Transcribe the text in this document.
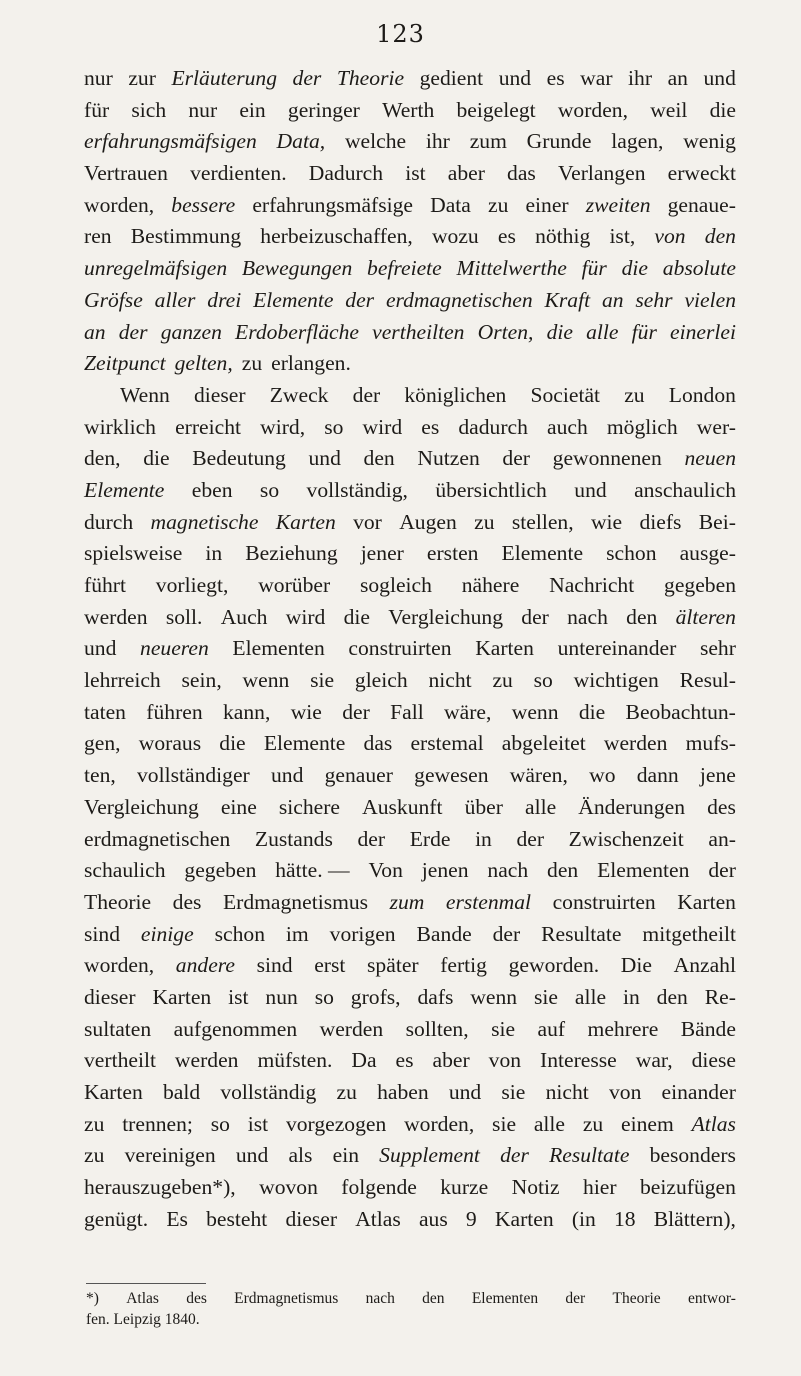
123
nur zur Erläuterung der Theorie gedient und es war ihr an und
für sich nur ein geringer Werth beigelegt worden, weil die
erfahrungsmäfsigen Data, welche ihr zum Grunde lagen, wenig
Vertrauen verdienten. Dadurch ist aber das Verlangen erweckt
worden, bessere erfahrungsmäfsige Data zu einer zweiten genaue-
ren Bestimmung herbeizuschaffen, wozu es nöthig ist, von den
unregelmäfsigen Bewegungen befreiete Mittelwerthe für die absolute
Gröfse aller drei Elemente der erdmagnetischen Kraft an sehr vielen
an der ganzen Erdoberfläche vertheilten Orten, die alle für einerlei
Zeitpunct gelten, zu erlangen.
Wenn dieser Zweck der königlichen Societät zu London
wirklich erreicht wird, so wird es dadurch auch möglich wer-
den, die Bedeutung und den Nutzen der gewonnenen neuen
Elemente eben so vollständig, übersichtlich und anschaulich
durch magnetische Karten vor Augen zu stellen, wie diefs Bei-
spielsweise in Beziehung jener ersten Elemente schon ausge-
führt vorliegt, worüber sogleich nähere Nachricht gegeben
werden soll. Auch wird die Vergleichung der nach den älteren
und neueren Elementen construirten Karten untereinander sehr
lehrreich sein, wenn sie gleich nicht zu so wichtigen Resul-
taten führen kann, wie der Fall wäre, wenn die Beobachtun-
gen, woraus die Elemente das erstemal abgeleitet werden mufs-
ten, vollständiger und genauer gewesen wären, wo dann jene
Vergleichung eine sichere Auskunft über alle Änderungen des
erdmagnetischen Zustands der Erde in der Zwischenzeit an-
schaulich gegeben hätte. — Von jenen nach den Elementen der
Theorie des Erdmagnetismus zum erstenmal construirten Karten
sind einige schon im vorigen Bande der Resultate mitgetheilt
worden, andere sind erst später fertig geworden. Die Anzahl
dieser Karten ist nun so grofs, dafs wenn sie alle in den Re-
sultaten aufgenommen werden sollten, sie auf mehrere Bände
vertheilt werden müfsten. Da es aber von Interesse war, diese
Karten bald vollständig zu haben und sie nicht von einander
zu trennen; so ist vorgezogen worden, sie alle zu einem Atlas
zu vereinigen und als ein Supplement der Resultate besonders
herauszugeben*), wovon folgende kurze Notiz hier beizufügen
genügt. Es besteht dieser Atlas aus 9 Karten (in 18 Blättern),
*) Atlas des Erdmagnetismus nach den Elementen der Theorie entwor-
fen. Leipzig 1840.
